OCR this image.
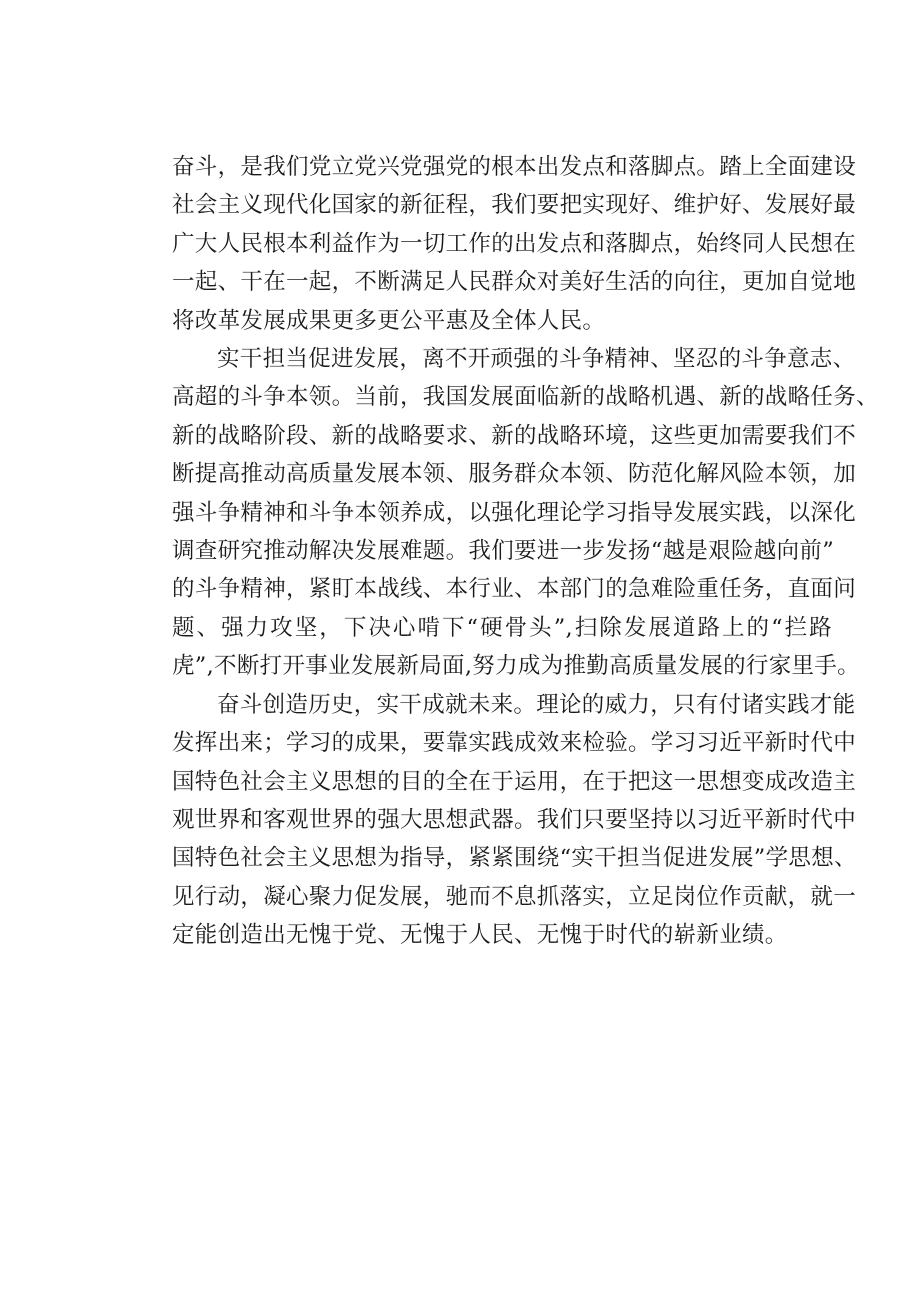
奋斗，是我们党立党兴党强党的根本出发点和落脚点。踏上全面建设
社会主义现代化国家的新征程，我们要把实现好、维护好、发展好最
广大人民根本利益作为一切工作的出发点和落脚点，始终同人民想在
一起、干在一起，不断满足人民群众对美好生活的向往，更加自觉地
将改革发展成果更多更公平惠及全体人民。
实干担当促进发展，离不开顽强的斗争精神、坚忍的斗争意志、
高超的斗争本领。当前，我国发展面临新的战略机遇、新的战略任务、
新的战略阶段、新的战略要求、新的战略环境，这些更加需要我们不
断提高推动高质量发展本领、服务群众本领、防范化解风险本领，加
强斗争精神和斗争本领养成，以强化理论学习指导发展实践，以深化
调查研究推动解决发展难题。我们要进一步发扬“越是艰险越向前”
的斗争精神，紧盯本战线、本行业、本部门的急难险重任务，直面问
题、强力攻坚，下决心啃下“硬骨头”,扫除发展道路上的“拦路
虎”,不断打开事业发展新局面,努力成为推勤高质量发展的行家里手。
奋斗创造历史，实干成就未来。理论的威力，只有付诸实践才能
发挥出来；学习的成果，要靠实践成效来检验。学习习近平新时代中
国特色社会主义思想的目的全在于运用，在于把这一思想变成改造主
观世界和客观世界的强大思想武器。我们只要坚持以习近平新时代中
国特色社会主义思想为指导，紧紧围绕“实干担当促进发展”学思想、
见行动，凝心聚力促发展，驰而不息抓落实，立足岗位作贡献，就一
定能创造出无愧于党、无愧于人民、无愧于时代的崭新业绩。
